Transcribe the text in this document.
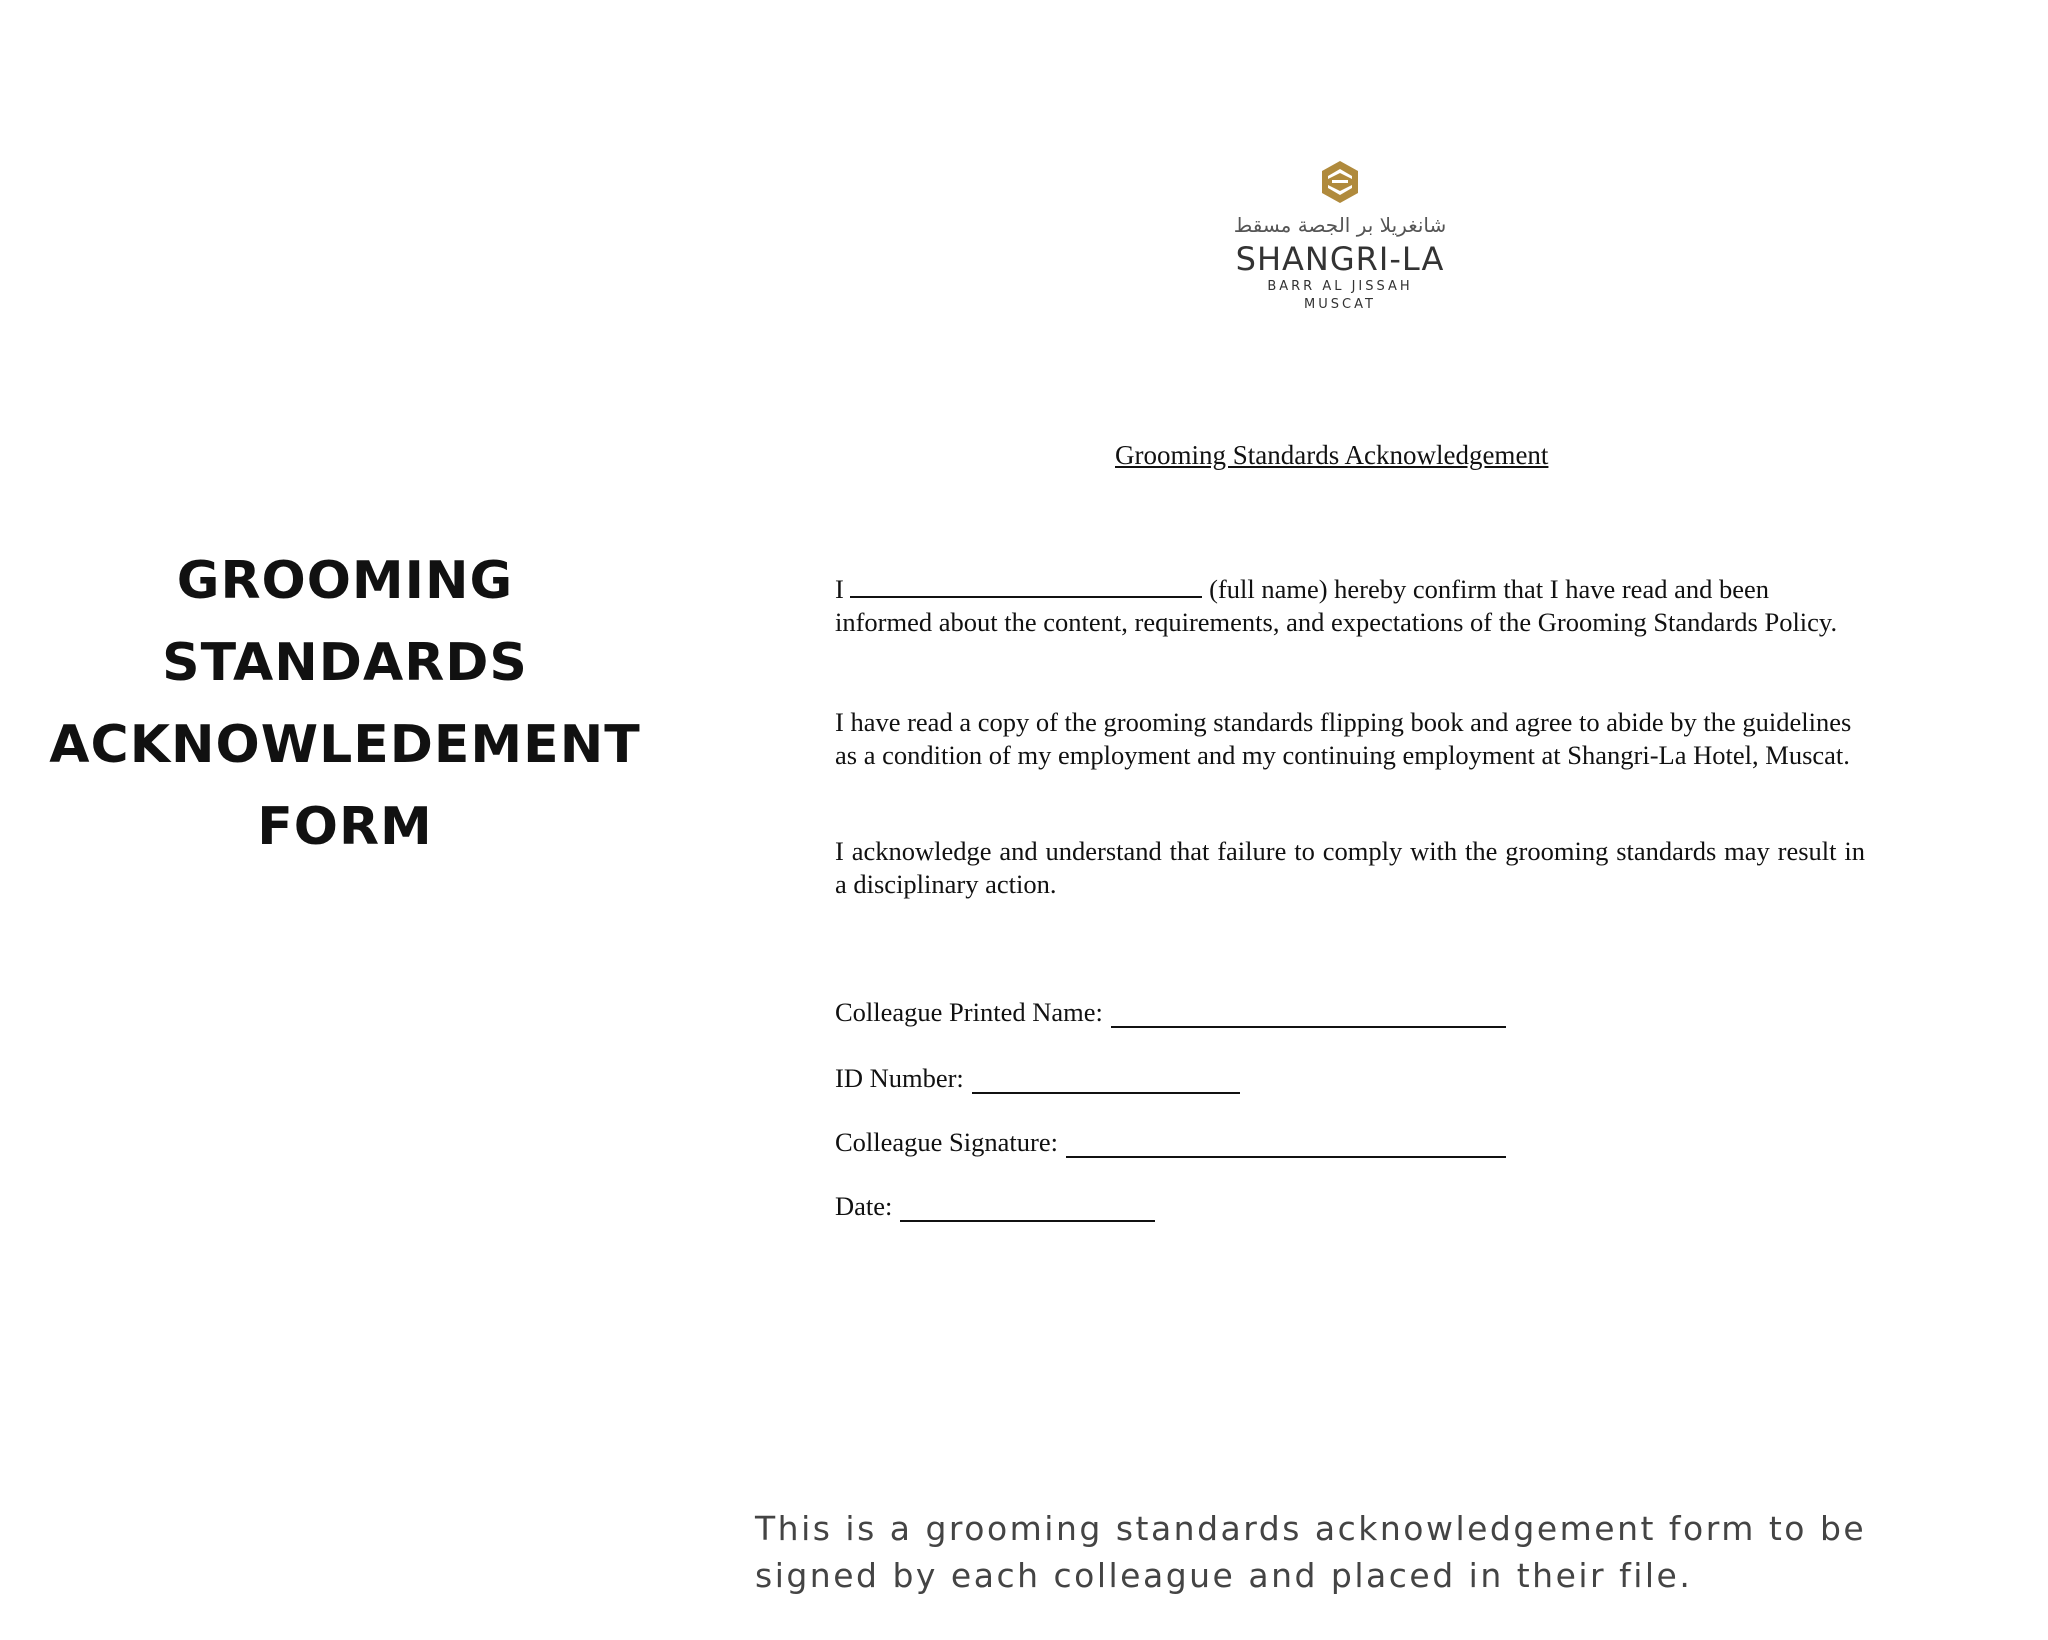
GROOMING
STANDARDS
ACKNOWLEDEMENT
FORM
شانغريلا بر الجصة مسقط
SHANGRI-LA
BARR AL JISSAH
MUSCAT
Grooming Standards Acknowledgement
I	(full name) hereby confirm that I have read and been informed about the content, requirements, and expectations of the Grooming Standards Policy.
I have read a copy of the grooming standards flipping book and agree to abide by the guidelines as a condition of my employment and my continuing employment at Shangri-La Hotel, Muscat.
I acknowledge and understand that failure to comply with the grooming standards may result in a disciplinary action.
Colleague Printed Name:
ID Number:
Colleague Signature:
Date:
This is a grooming standards acknowledgement form to be signed by each colleague and placed in their file.
